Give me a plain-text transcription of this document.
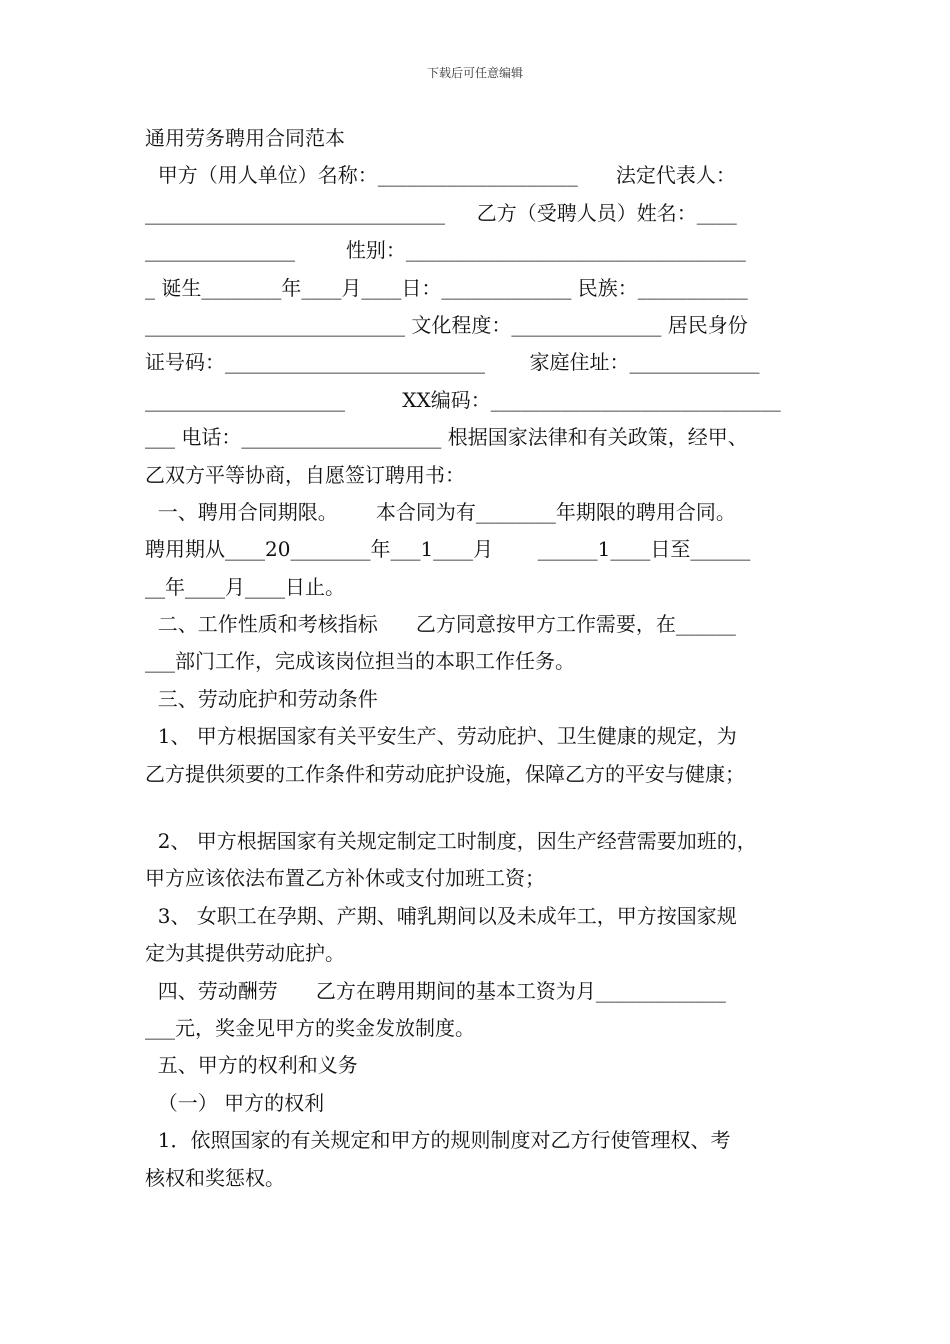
下载后可任意编辑
通用劳务聘用合同范本
甲方（用人单位）名称：____________________      法定代表人：
______________________________     乙方（受聘人员）姓名：____
_______________        性别：__________________________________
_ 诞生________年____月____日：_____________ 民族：___________
__________________________ 文化程度：_______________ 居民身份
证号码：__________________________       家庭住址：_____________
____________________         XX编码：_____________________________
___ 电话：____________________ 根据国家法律和有关政策，经甲、
乙双方平等协商，自愿签订聘用书：
一、聘用合同期限。      本合同为有________年期限的聘用合同。
聘用期从____20________年___1____月       ______1____日至______
__年____月____日止。
二、工作性质和考核指标      乙方同意按甲方工作需要，在______
___部门工作，完成该岗位担当的本职工作任务。
三、劳动庇护和劳动条件
1、 甲方根据国家有关平安生产、劳动庇护、卫生健康的规定，为
乙方提供须要的工作条件和劳动庇护设施，保障乙方的平安与健康；
2、 甲方根据国家有关规定制定工时制度，因生产经营需要加班的，
甲方应该依法布置乙方补休或支付加班工资；
3、 女职工在孕期、产期、哺乳期间以及未成年工，甲方按国家规
定为其提供劳动庇护。
四、劳动酬劳      乙方在聘用期间的基本工资为月_____________
___元，奖金见甲方的奖金发放制度。
五、甲方的权利和义务
（一） 甲方的权利
1．依照国家的有关规定和甲方的规则制度对乙方行使管理权、考
核权和奖惩权。
